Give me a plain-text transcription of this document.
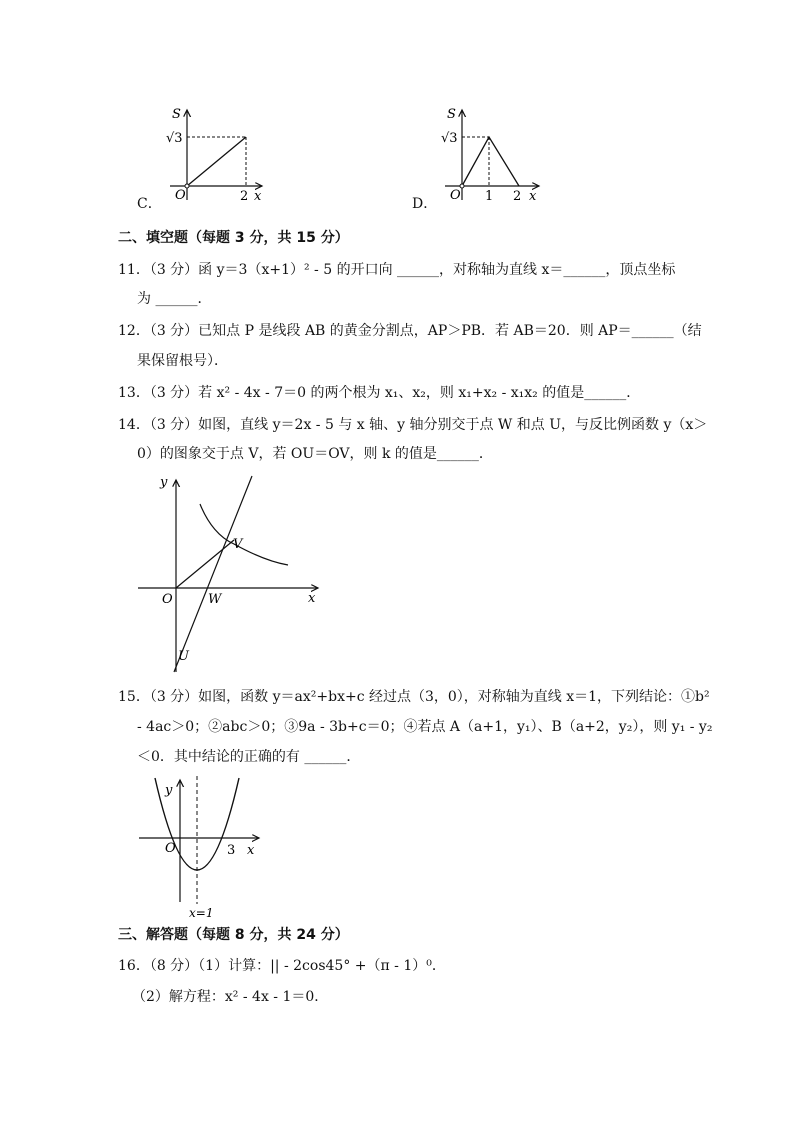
C．
S
x
√3
2
O
D．
S
x
√3
1 2
O
二、填空题（每题 3 分，共 15 分）
11．（3 分）函 y＝3（x+1）² - 5 的开口向 ______，对称轴为直线 x＝______，顶点坐标
为 ______．
12．（3 分）已知点 P 是线段 AB 的黄金分割点，AP＞PB．若 AB＝20．则 AP＝______（结
果保留根号）．
13．（3 分）若 x² - 4x - 7＝0 的两个根为 x₁、x₂，则 x₁+x₂ - x₁x₂ 的值是______．
14．（3 分）如图，直线 y＝2x - 5 与 x 轴、y 轴分别交于点 W 和点 U，与反比例函数 y（x＞
0）的图象交于点 V，若 OU＝OV，则 k 的值是______．
y
x
O	W
U
V
15．（3 分）如图，函数 y＝ax²+bx+c 经过点（3，0），对称轴为直线 x＝1，下列结论：①b²
- 4ac＞0；②abc＞0；③9a - 3b+c＝0；④若点 A（a+1，y₁）、B（a+2，y₂），则 y₁ - y₂
＜0．其中结论的正确的有 ______．
y
x
O	3
x=1
三、解答题（每题 8 分，共 24 分）
16．（8 分）（1）计算：|| - 2cos45° +（π - 1）⁰．
（2）解方程：x² - 4x - 1＝0．
